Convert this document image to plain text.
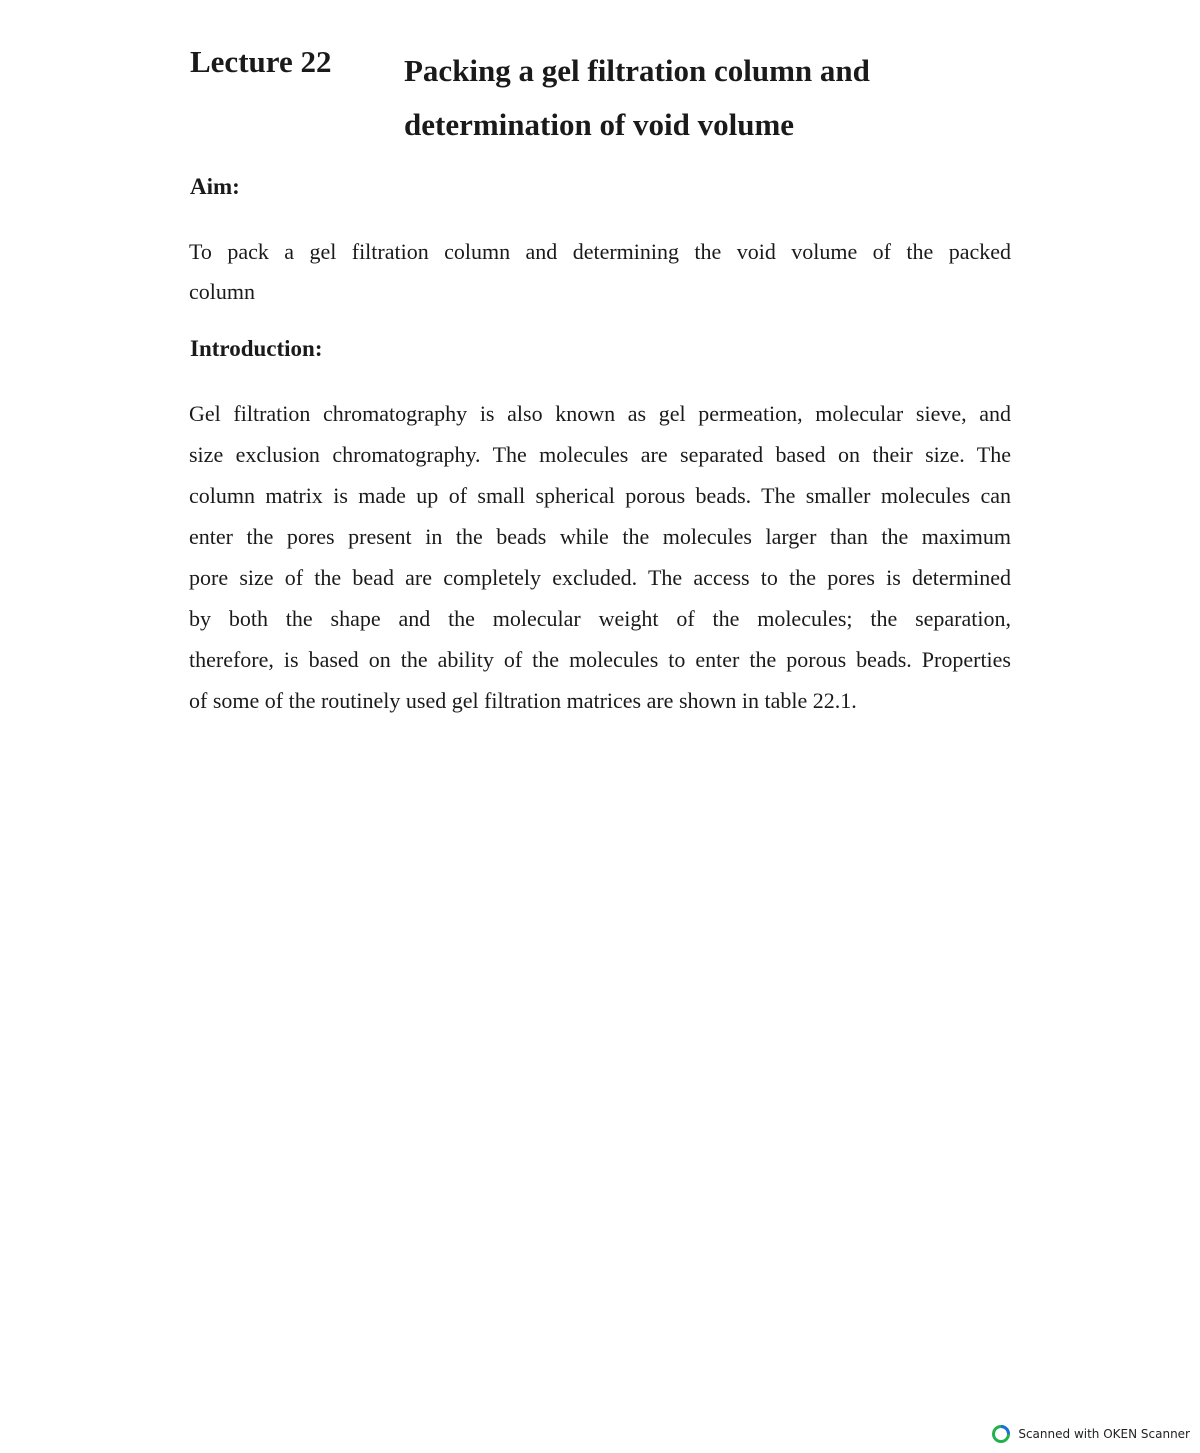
Lecture 22 Packing a gel filtration column and
determination of void volume
Aim:
To pack a gel filtration column and determining the void volume of the packed
column
Introduction:
Gel filtration chromatography is also known as gel permeation, molecular sieve, and
size exclusion chromatography. The molecules are separated based on their size. The
column matrix is made up of small spherical porous beads. The smaller molecules can
enter the pores present in the beads while the molecules larger than the maximum
pore size of the bead are completely excluded. The access to the pores is determined
by both the shape and the molecular weight of the molecules; the separation,
therefore, is based on the ability of the molecules to enter the porous beads. Properties
of some of the routinely used gel filtration matrices are shown in table 22.1.
Scanned with OKEN Scanner
